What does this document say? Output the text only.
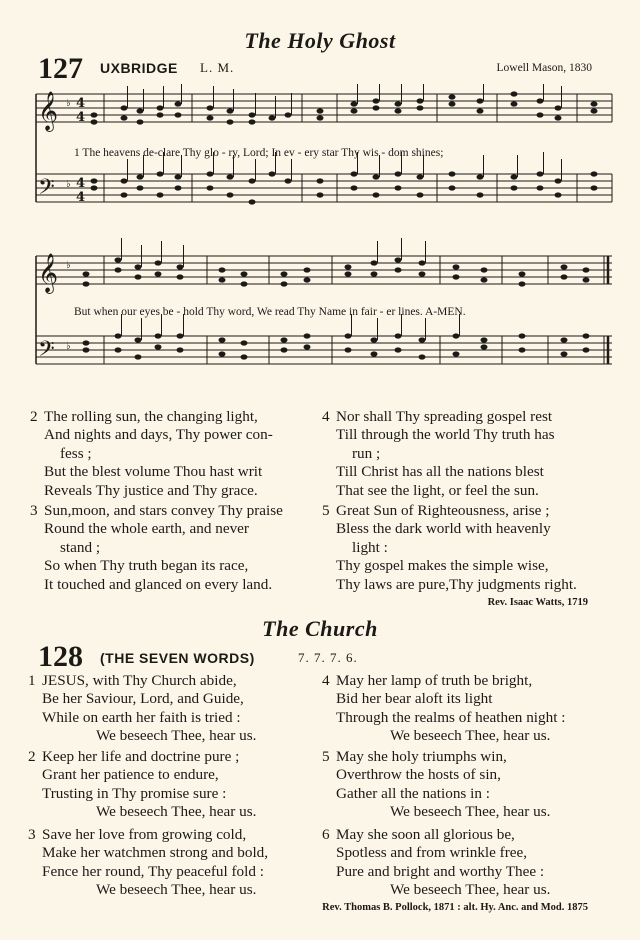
The Holy Ghost
127 UXBRIDGE L. M.	Lowell Mason, 1830
𝄞
𝄢
♭
♭
4
4
4
4
1 The heavens de-clare Thy glo - ry, Lord; In ev - ery star Thy wis - dom shines;
𝄞
𝄢
♭
♭
But when our eyes be - hold Thy word, We read Thy Name in fair - er lines. A-MEN.
2 The rolling sun, the changing light,
And nights and days, Thy power con-
fess ;
But the blest volume Thou hast writ
Reveals Thy justice and Thy grace.
3 Sun,moon, and stars convey Thy praise
Round the whole earth, and never
stand ;
So when Thy truth began its race,
It touched and glanced on every land.
4 Nor shall Thy spreading gospel rest
Till through the world Thy truth has
run ;
Till Christ has all the nations blest
That see the light, or feel the sun.
5 Great Sun of Righteousness, arise ;
Bless the dark world with heavenly
light :
Thy gospel makes the simple wise,
Thy laws are pure,Thy judgments right.
Rev. Isaac Watts, 1719
The Church
128 (THE SEVEN WORDS)	7. 7. 7. 6.
1 JESUS, with Thy Church abide,
Be her Saviour, Lord, and Guide,
While on earth her faith is tried :
We beseech Thee, hear us.
2 Keep her life and doctrine pure ;
Grant her patience to endure,
Trusting in Thy promise sure :
We beseech Thee, hear us.
3 Save her love from growing cold,
Make her watchmen strong and bold,
Fence her round, Thy peaceful fold :
We beseech Thee, hear us.
4 May her lamp of truth be bright,
Bid her bear aloft its light
Through the realms of heathen night :
We beseech Thee, hear us.
5 May she holy triumphs win,
Overthrow the hosts of sin,
Gather all the nations in :
We beseech Thee, hear us.
6 May she soon all glorious be,
Spotless and from wrinkle free,
Pure and bright and worthy Thee :
We beseech Thee, hear us.
Rev. Thomas B. Pollock, 1871 : alt. Hy. Anc. and Mod. 1875
